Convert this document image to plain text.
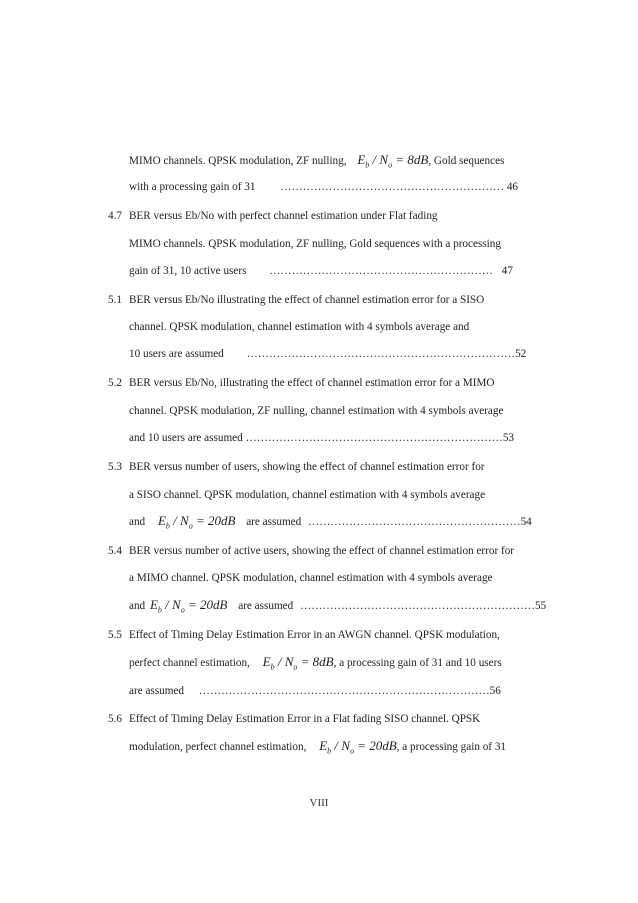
MIMO channels. QPSK modulation, ZF nulling, $E_b / N_o = 8dB$, Gold sequences
with a processing gain of 31 …………………………………………………… 46
4.7 BER versus Eb/No with perfect channel estimation under Flat fading
MIMO channels. QPSK modulation, ZF nulling, Gold sequences with a processing
gain of 31, 10 active users …………………………………………………… 47
5.1 BER versus Eb/No illustrating the effect of channel estimation error for a SISO
channel. QPSK modulation, channel estimation with 4 symbols average and
10 users are assumed ………………………………………………………………52
5.2 BER versus Eb/No, illustrating the effect of channel estimation error for a MIMO
channel. QPSK modulation, ZF nulling, channel estimation with 4 symbols average
and 10 users are assumed ……………………………………………………………53
5.3 BER versus number of users, showing the effect of channel estimation error for
a SISO channel. QPSK modulation, channel estimation with 4 symbols average
and $E_b / N_o = 20dB$ are assumed …………………………………………………54
5.4 BER versus number of active users, showing the effect of channel estimation error for
a MIMO channel. QPSK modulation, channel estimation with 4 symbols average
and $E_b / N_o = 20dB$ are assumed ………………………………………………………55
5.5 Effect of Timing Delay Estimation Error in an AWGN channel. QPSK modulation,
perfect channel estimation, $E_b / N_o = 8dB$, a processing gain of 31 and 10 users
are assumed ……………………………………………………………………56
5.6 Effect of Timing Delay Estimation Error in a Flat fading SISO channel. QPSK
modulation, perfect channel estimation, $E_b / N_o = 20dB$, a processing gain of 31
VIII
